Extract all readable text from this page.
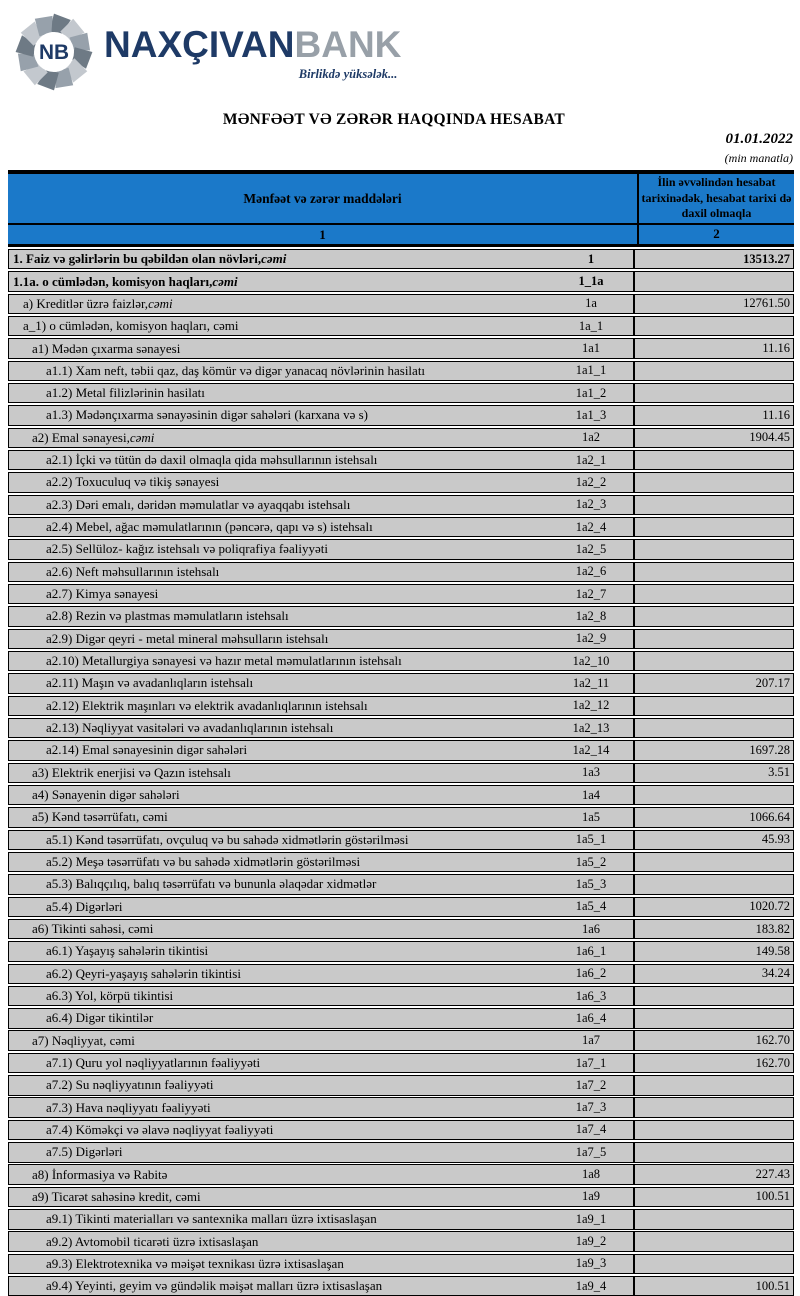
NB NAXÇIVANBANK
Birlikdə yüksələk...
MƏNFƏƏT VƏ ZƏRƏR HAQQINDA HESABAT
01.01.2022
(min manatla)
Mənfəət və zərər maddələri
İlin əvvəlindən hesabat tarixinədək, hesabat tarixi də daxil olmaqla
1	2
1. Faiz və gəlirlərin bu qəbildən olan növləri, cəmi	1	13513.27
1.1a. o cümlədən, komisyon haqları, cəmi	1_1a
a) Kreditlər üzrə faizlər, cəmi	1a	12761.50
a_1) o cümlədən, komisyon haqları, cəmi	1a_1
a1) Mədən çıxarma sənayesi	1a1	11.16
a1.1) Xam neft, təbii qaz, daş kömür və digər yanacaq növlərinin hasilatı	1a1_1
a1.2) Metal filizlərinin hasilatı	1a1_2
a1.3) Mədənçıxarma sənayəsinin digər sahələri (karxana və s)	1a1_3	11.16
a2) Emal sənayesi, cəmi	1a2	1904.45
a2.1) İçki və tütün də daxil olmaqla qida məhsullarının istehsalı	1a2_1
a2.2) Toxuculuq və tikiş sənayesi	1a2_2
a2.3) Dəri emalı, dəridən məmulatlar və ayaqqabı istehsalı	1a2_3
a2.4) Mebel, ağac məmulatlarının (pəncərə, qapı və s) istehsalı	1a2_4
a2.5) Sellüloz- kağız istehsalı və poliqrafiya fəaliyyəti	1a2_5
a2.6) Neft məhsullarının istehsalı	1a2_6
a2.7) Kimya sənayesi	1a2_7
a2.8) Rezin və plastmas məmulatların istehsalı	1a2_8
a2.9) Digər qeyri - metal mineral məhsulların istehsalı	1a2_9
a2.10) Metallurgiya sənayesi və hazır metal məmulatlarının istehsalı	1a2_10
a2.11) Maşın və avadanlıqların istehsalı	1a2_11	207.17
a2.12) Elektrik maşınları və elektrik avadanlıqlarının istehsalı	1a2_12
a2.13) Nəqliyyat vasitələri və avadanlıqlarının istehsalı	1a2_13
a2.14) Emal sənayesinin digər sahələri	1a2_14	1697.28
a3) Elektrik enerjisi və Qazın istehsalı	1a3	3.51
a4) Sənayenin digər sahələri	1a4
a5) Kənd təsərrüfatı, cəmi	1a5	1066.64
a5.1) Kənd təsərrüfatı, ovçuluq və bu sahədə xidmətlərin göstərilməsi	1a5_1	45.93
a5.2) Meşə təsərrüfatı və bu sahədə xidmətlərin göstərilməsi	1a5_2
a5.3) Balıqçılıq, balıq təsərrüfatı və bununla əlaqədar xidmətlər	1a5_3
a5.4) Digərləri	1a5_4	1020.72
a6) Tikinti sahəsi, cəmi	1a6	183.82
a6.1) Yaşayış sahələrin tikintisi	1a6_1	149.58
a6.2) Qeyri-yaşayış sahələrin tikintisi	1a6_2	34.24
a6.3) Yol, körpü tikintisi	1a6_3
a6.4) Digər tikintilər	1a6_4
a7) Nəqliyyat, cəmi	1a7	162.70
a7.1) Quru yol nəqliyyatlarının fəaliyyəti	1a7_1	162.70
a7.2) Su nəqliyyatının fəaliyyəti	1a7_2
a7.3) Hava nəqliyyatı fəaliyyəti	1a7_3
a7.4) Köməkçi və əlavə nəqliyyat fəaliyyəti	1a7_4
a7.5) Digərləri	1a7_5
a8) İnformasiya və Rabitə	1a8	227.43
a9) Ticarət sahəsinə kredit, cəmi	1a9	100.51
a9.1) Tikinti materialları və santexnika malları üzrə ixtisaslaşan	1a9_1
a9.2) Avtomobil ticarəti üzrə ixtisaslaşan	1a9_2
a9.3) Elektrotexnika və məişət texnikası üzrə ixtisaslaşan	1a9_3
a9.4) Yeyinti, geyim və gündəlik məişət malları üzrə ixtisaslaşan	1a9_4	100.51
